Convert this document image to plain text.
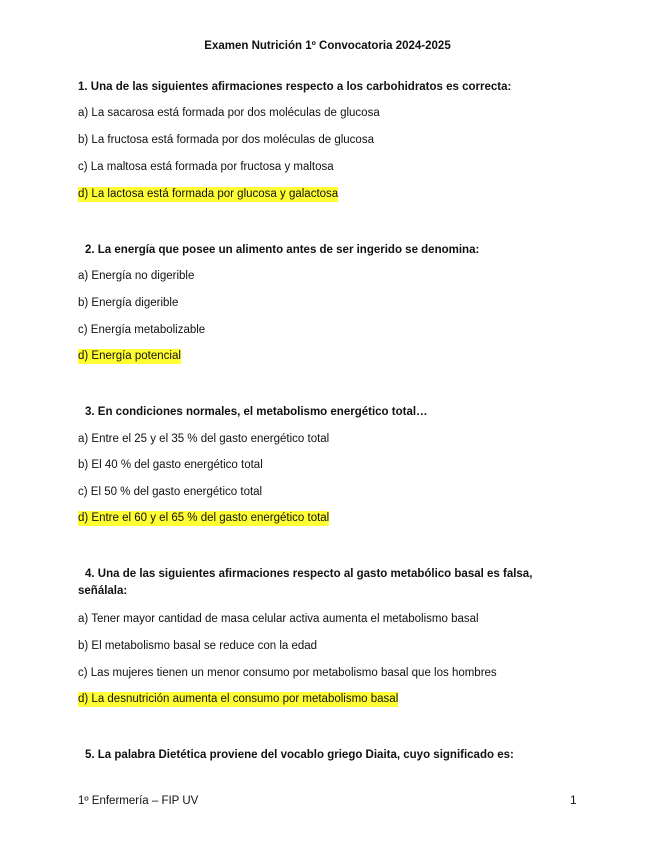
Examen Nutrición 1º Convocatoria 2024-2025
1. Una de las siguientes afirmaciones respecto a los carbohidratos es correcta:
a) La sacarosa está formada por dos moléculas de glucosa
b) La fructosa está formada por dos moléculas de glucosa
c) La maltosa está formada por fructosa y maltosa
d) La lactosa está formada por glucosa y galactosa
2. La energía que posee un alimento antes de ser ingerido se denomina:
a) Energía no digerible
b) Energía digerible
c) Energía metabolizable
d) Energía potencial
3. En condiciones normales, el metabolismo energético total…
a) Entre el 25 y el 35 % del gasto energético total
b) El 40 % del gasto energético total
c) El 50 % del gasto energético total
d) Entre el 60 y el 65 % del gasto energético total
4. Una de las siguientes afirmaciones respecto al gasto metabólico basal es falsa, señálala:
a) Tener mayor cantidad de masa celular activa aumenta el metabolismo basal
b) El metabolismo basal se reduce con la edad
c) Las mujeres tienen un menor consumo por metabolismo basal que los hombres
d) La desnutrición aumenta el consumo por metabolismo basal
5. La palabra Dietética proviene del vocablo griego Diaita, cuyo significado es:
1º Enfermería – FIP UV	1
